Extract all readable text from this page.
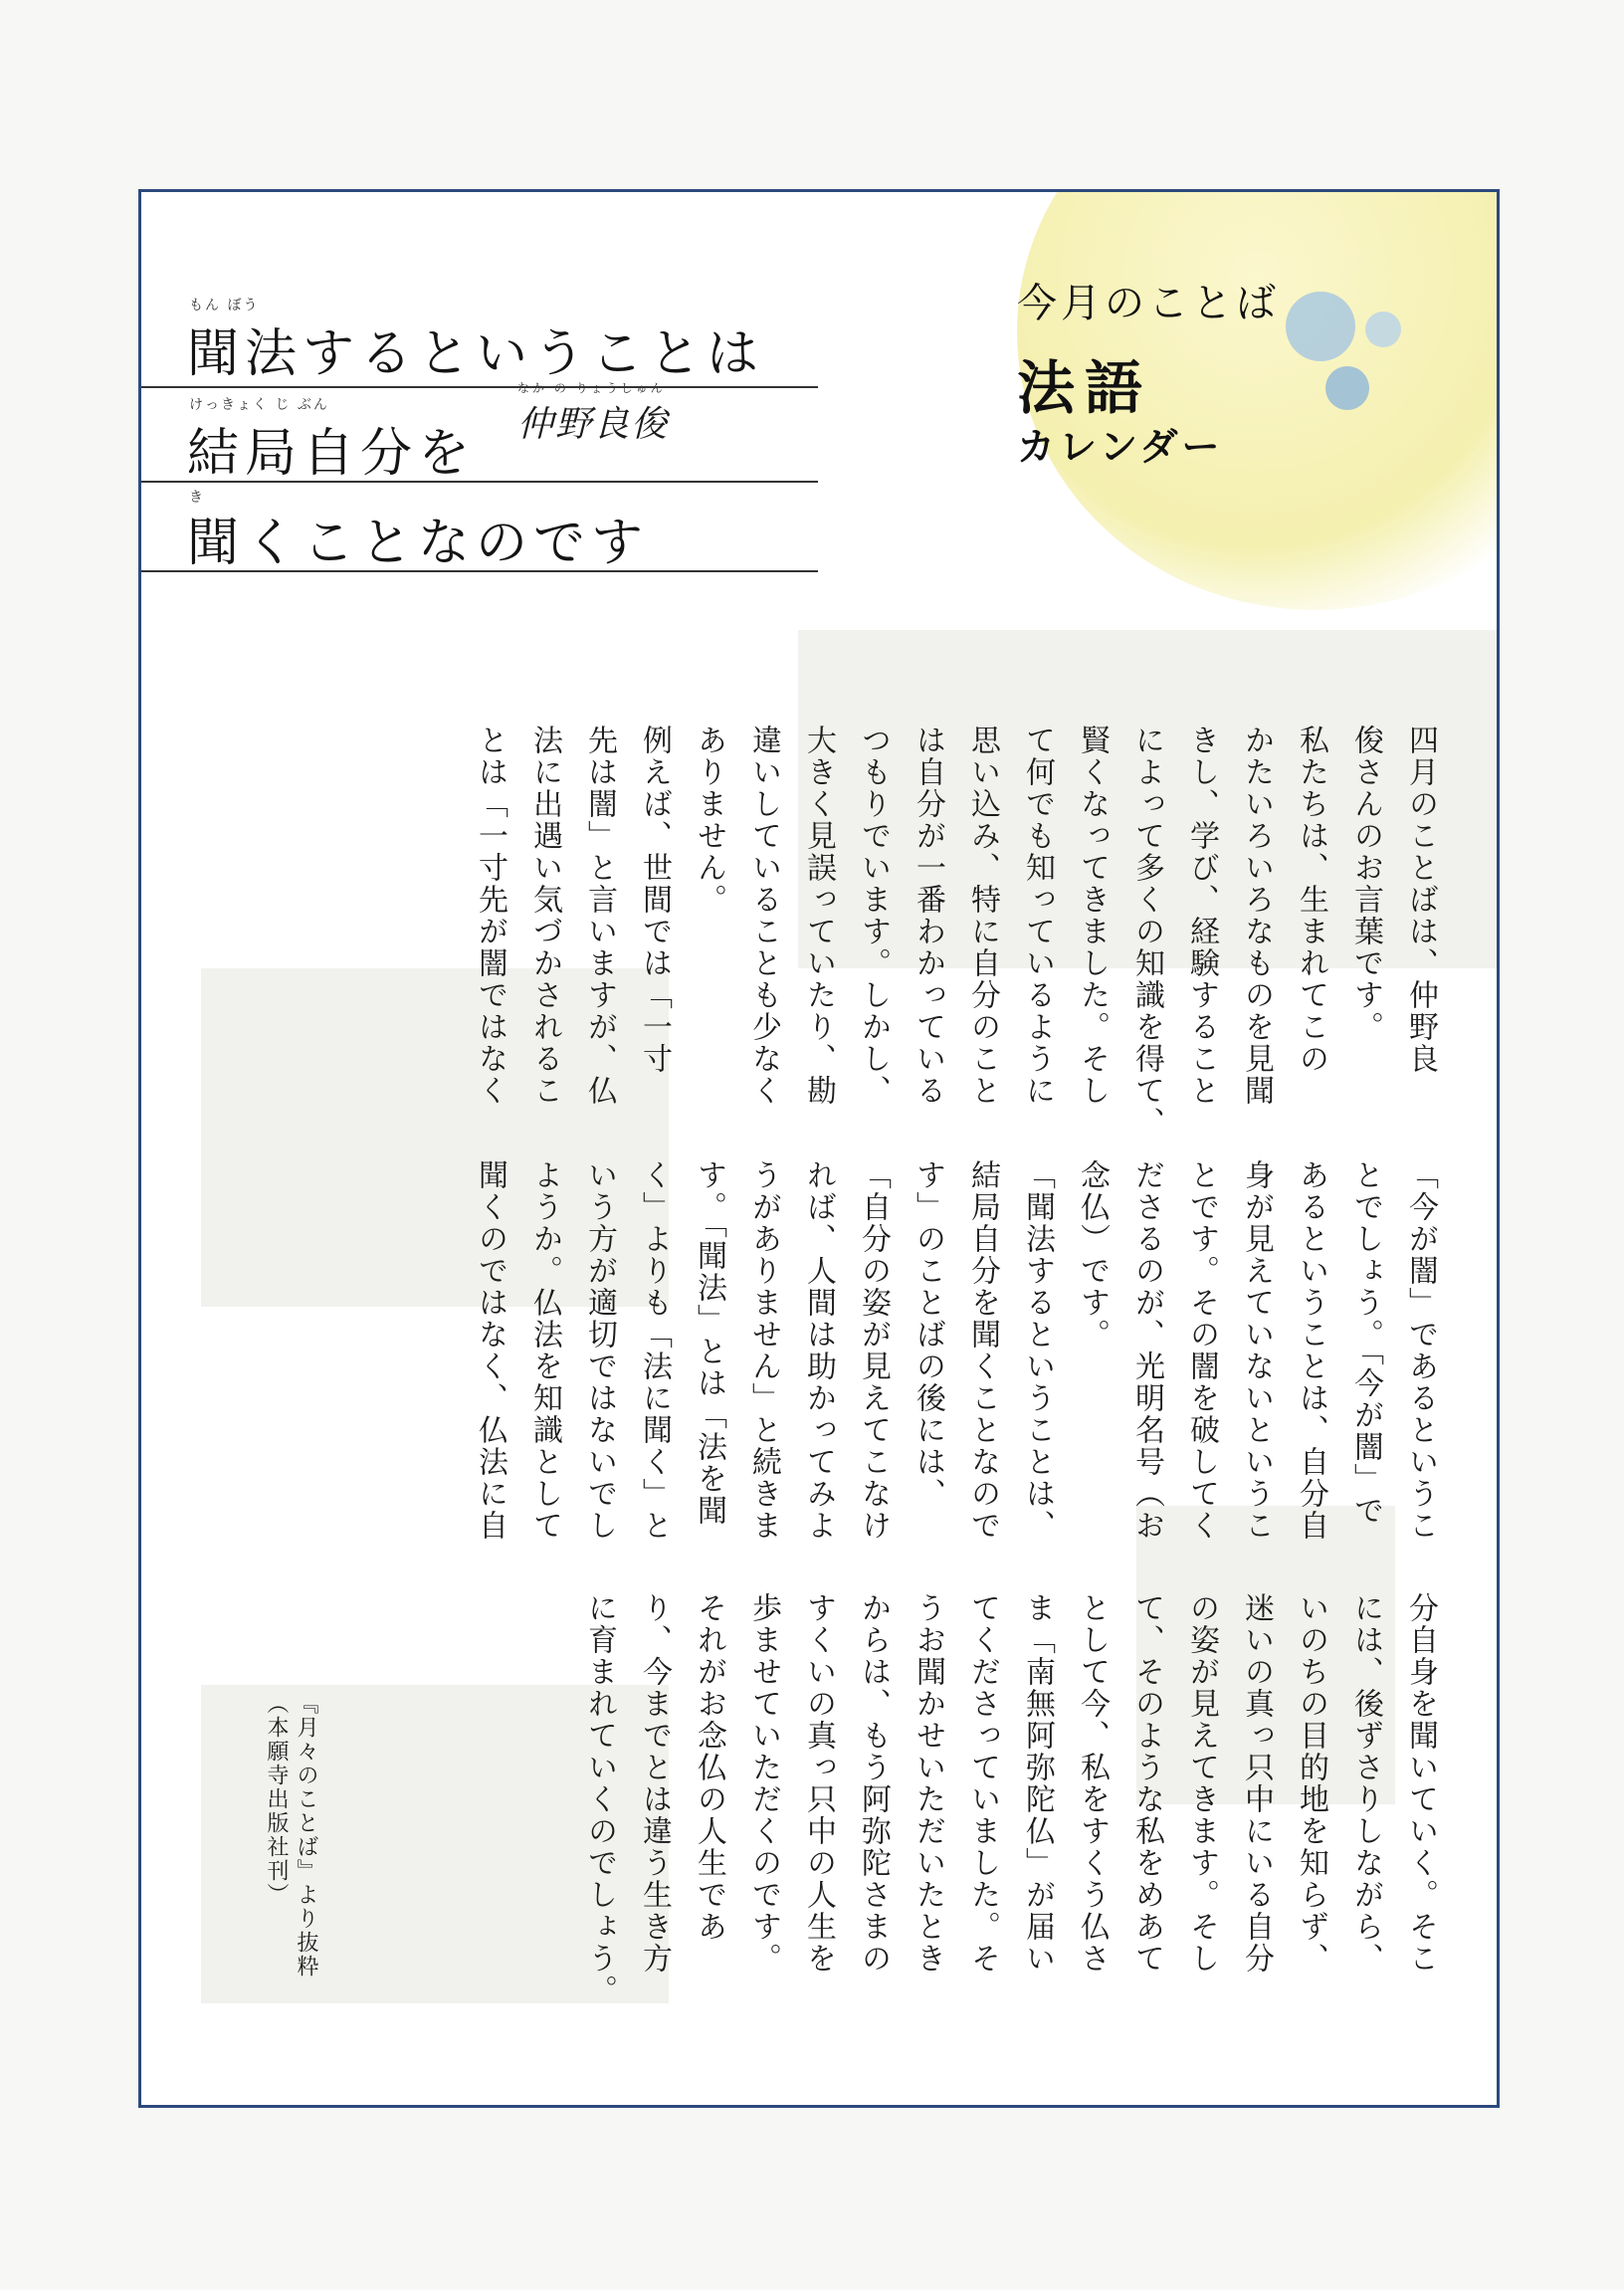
今月のことば
法語
カレンダー
もん ぼう
聞法するということは
けっきょく じ ぶん
結局自分を
き
聞くことなのです
なか の りょうしゅん
仲野良俊
四月のことばは、仲野良
俊さんのお言葉です。
私たちは、生まれてこの
かたいろいろなものを見聞
きし、学び、経験すること
によって多くの知識を得て、
賢くなってきました。そし
て何でも知っているように
思い込み、特に自分のこと
は自分が一番わかっている
つもりでいます。しかし、
大きく見誤っていたり、勘
違いしていることも少なく
ありません。
例えば、世間では「一寸
先は闇」と言いますが、仏
法に出遇い気づかされるこ
とは「一寸先が闇ではなく
「今が闇」であるというこ
とでしょう。「今が闇」で
あるということは、自分自
身が見えていないというこ
とです。その闇を破してく
ださるのが、光明名号（お
念仏）です。
「聞法するということは、
結局自分を聞くことなので
す」のことばの後には、
「自分の姿が見えてこなけ
れば、人間は助かってみよ
うがありません」と続きま
す。「聞法」とは「法を聞
く」よりも「法に聞く」と
いう方が適切ではないでし
ようか。仏法を知識として
聞くのではなく、仏法に自
分自身を聞いていく。そこ
には、後ずさりしながら、
いのちの目的地を知らず、
迷いの真っ只中にいる自分
の姿が見えてきます。そし
て、そのような私をめあて
として今、私をすくう仏さ
ま「南無阿弥陀仏」が届い
てくださっていました。そ
うお聞かせいただいたとき
からは、もう阿弥陀さまの
すくいの真っ只中の人生を
歩ませていただくのです。
それがお念仏の人生であ
り、今までとは違う生き方
に育まれていくのでしょう。
『月々のことば』より抜粋
（本願寺出版社刊）
